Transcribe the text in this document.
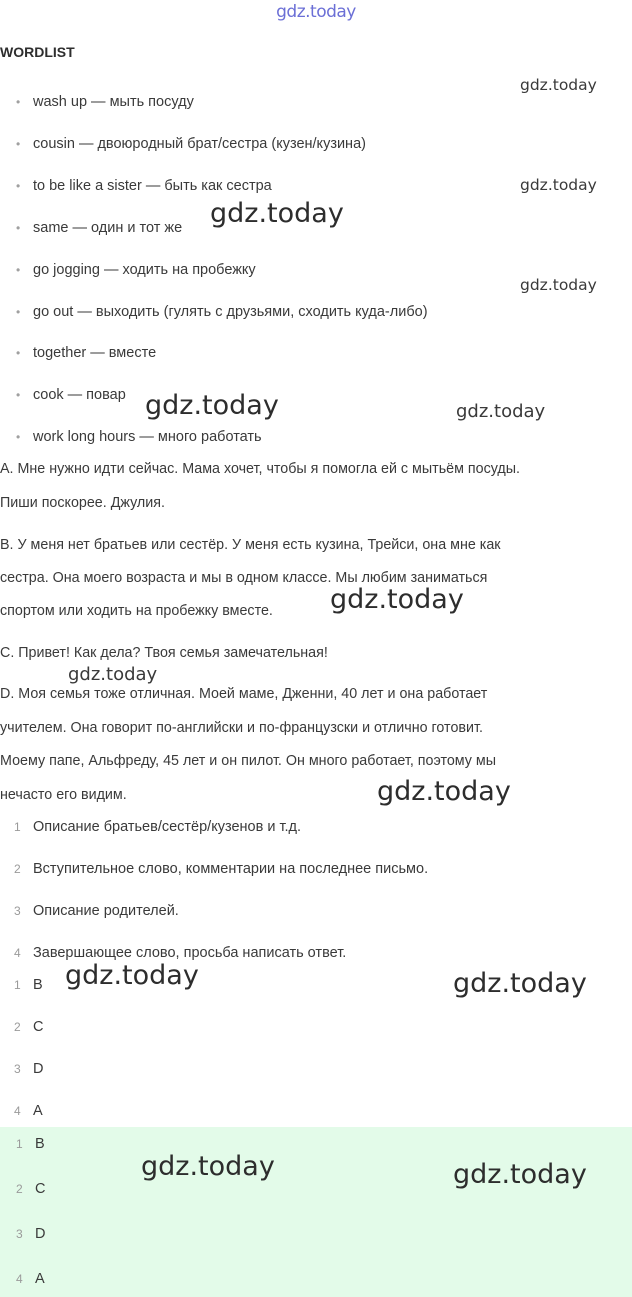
gdz.today
WORDLIST
• wash up — мыть посуду
• cousin — двоюродный брат/сестра (кузен/кузина)
• to be like a sister — быть как сестра
• same — один и тот же
• go jogging — ходить на пробежку
• go out — выходить (гулять с друзьями, сходить куда-либо)
• together — вместе
• cook — повар
• work long hours — много работать
A. Мне нужно идти сейчас. Мама хочет, чтобы я помогла ей с мытьём посуды.
Пиши поскорее. Джулия.
B. У меня нет братьев или сестёр. У меня есть кузина, Трейси, она мне как
сестра. Она моего возраста и мы в одном классе. Мы любим заниматься
спортом или ходить на пробежку вместе.
C. Привет! Как дела? Твоя семья замечательная!
D. Моя семья тоже отличная. Моей маме, Дженни, 40 лет и она работает
учителем. Она говорит по-английски и по-французски и отлично готовит.
Моему папе, Альфреду, 45 лет и он пилот. Он много работает, поэтому мы
нечасто его видим.
1 Описание братьев/сестёр/кузенов и т.д.
2 Вступительное слово, комментарии на последнее письмо.
3 Описание родителей.
4 Завершающее слово, просьба написать ответ.
1 B
2 C
3 D
4 A
1 B
2 C
3 D
4 A
gdz.today
gdz.today
gdz.today
gdz.today
gdz.today	gdz.today
gdz.today
gdz.today
gdz.today
gdz.today	gdz.today
gdz.today	gdz.today
